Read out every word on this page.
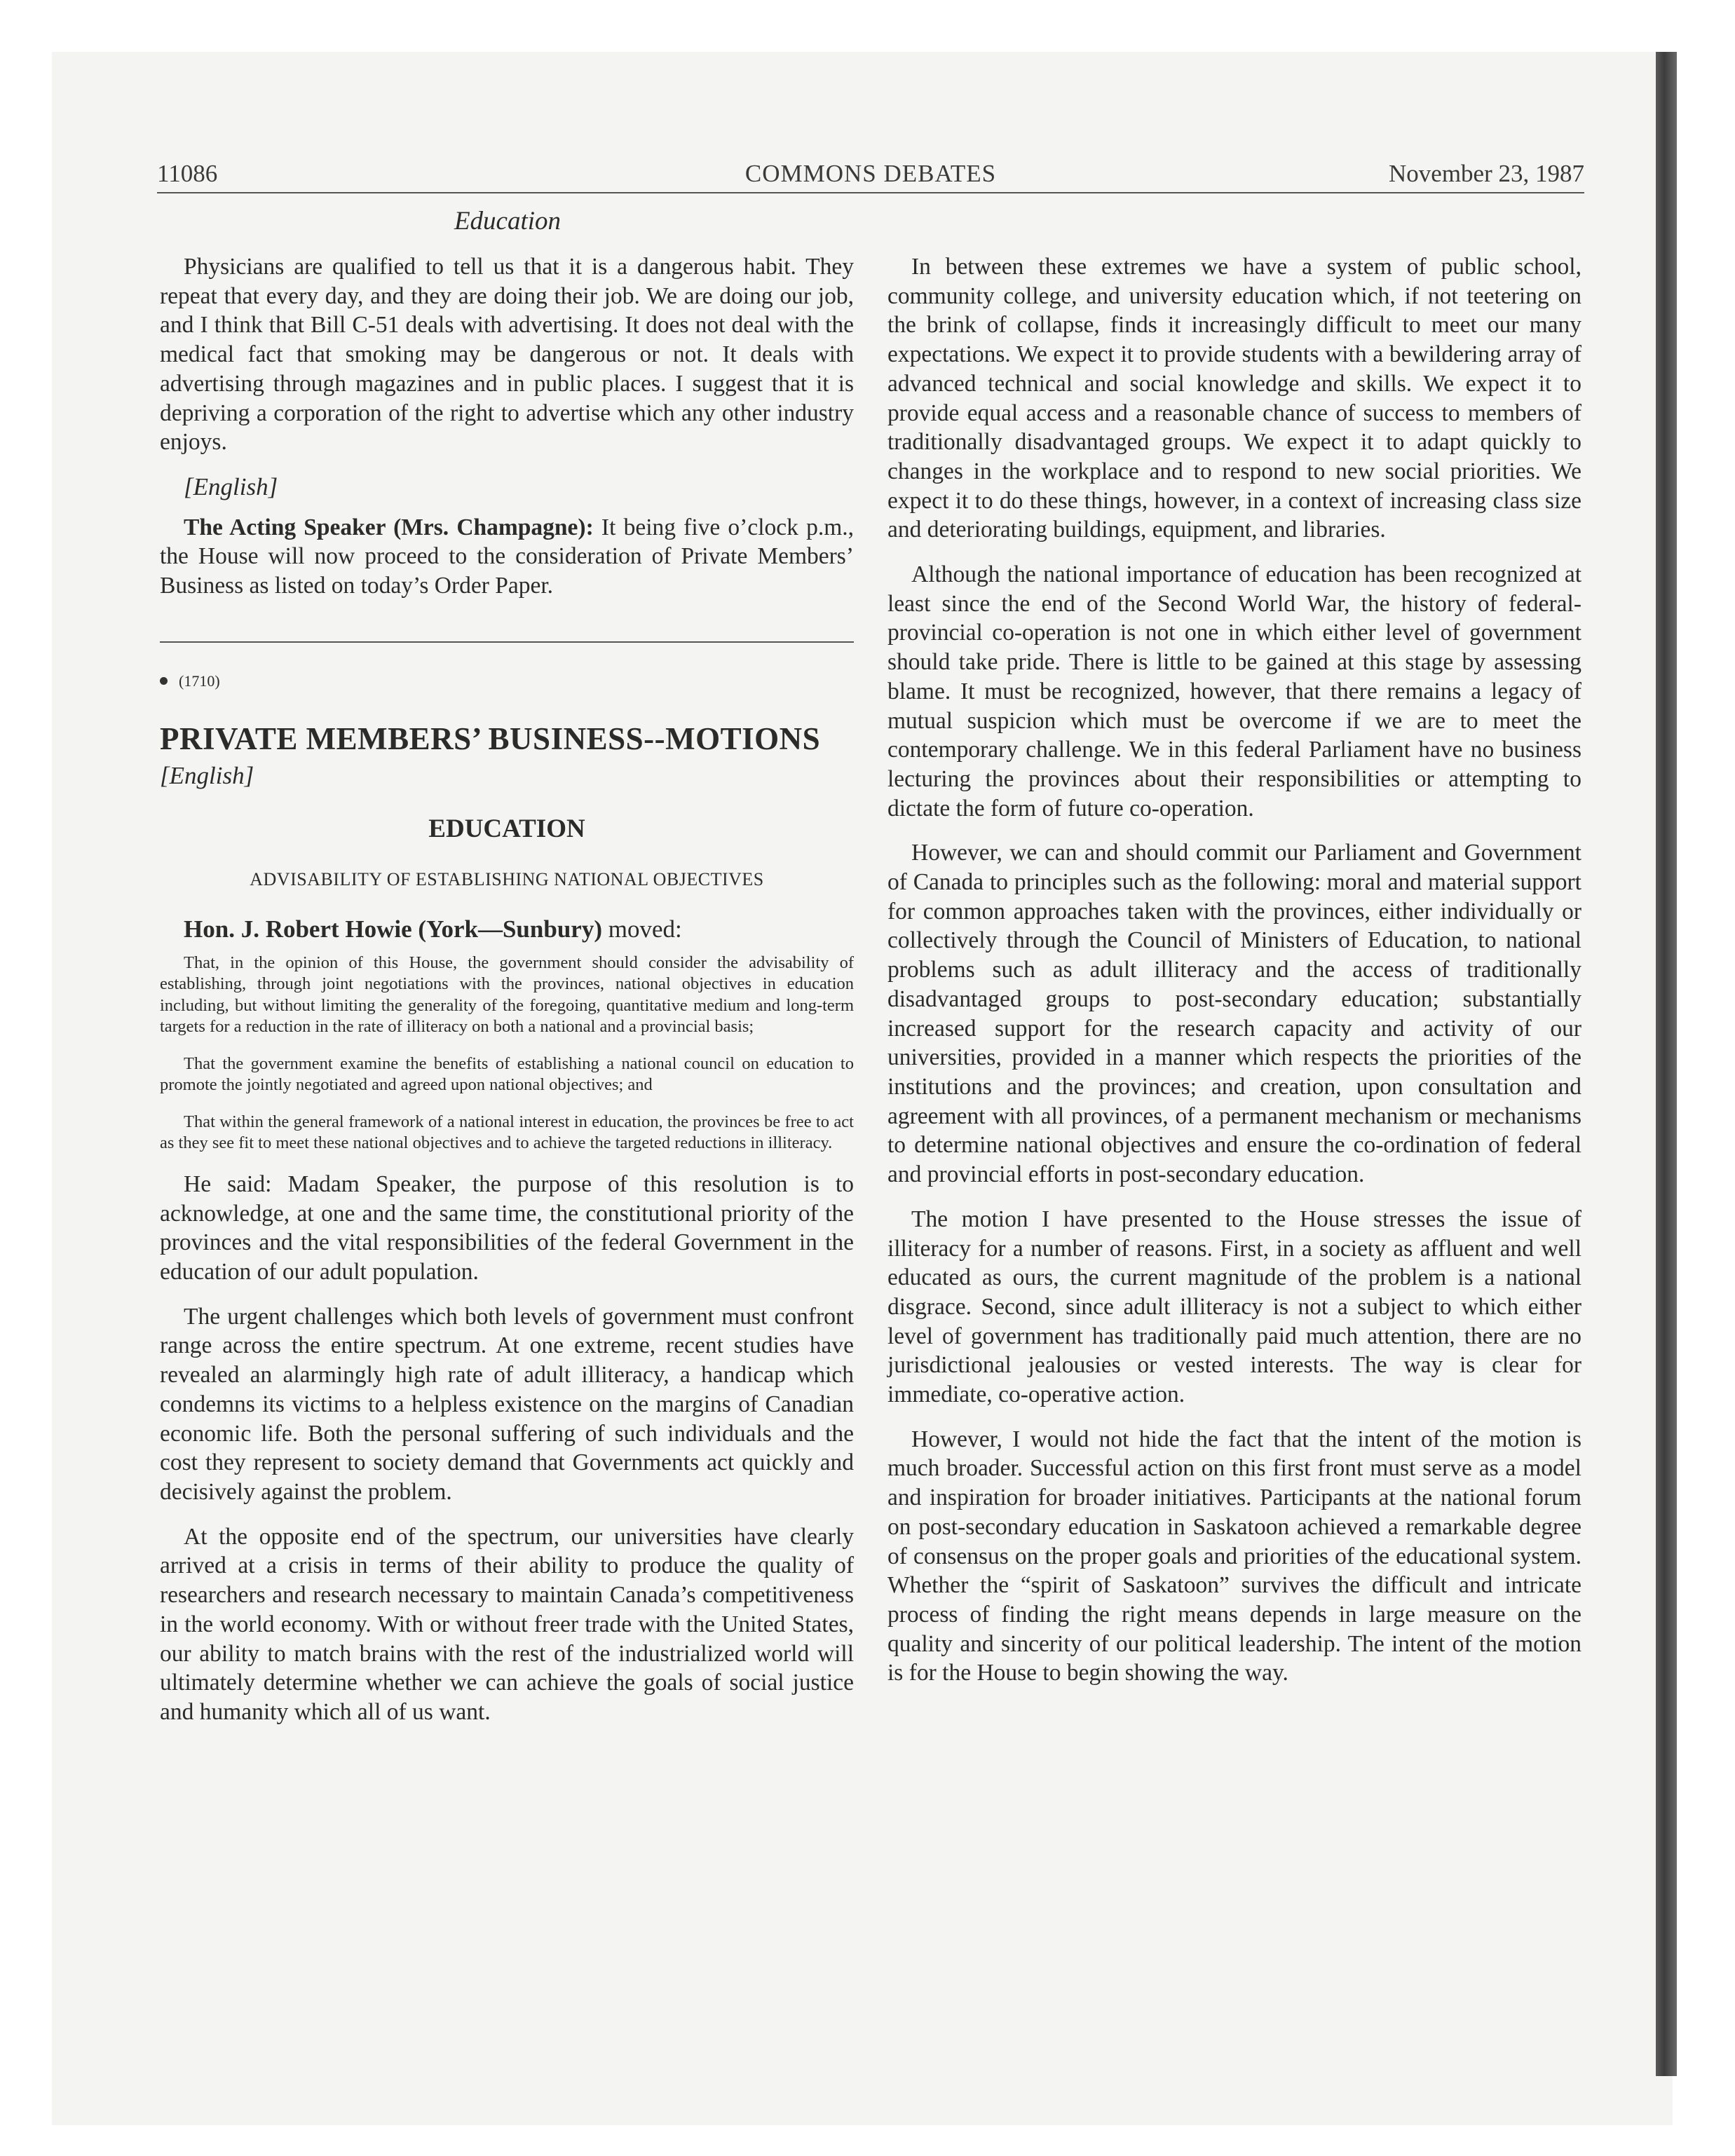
11086	COMMONS DEBATES	November 23, 1987
Education

Physicians are qualified to tell us that it is a dangerous habit. They repeat that every day, and they are doing their job. We are doing our job, and I think that Bill C-51 deals with advertising. It does not deal with the medical fact that smoking may be dangerous or not. It deals with advertising through magazines and in public places. I suggest that it is depriving a corporation of the right to advertise which any other industry enjoys.

[English]

The Acting Speaker (Mrs. Champagne): It being five o’clock p.m., the House will now proceed to the consideration of Private Members’ Business as listed on today’s Order Paper.

(1710)
PRIVATE MEMBERS’ BUSINESS--MOTIONS
[English]
EDUCATION
ADVISABILITY OF ESTABLISHING NATIONAL OBJECTIVES
Hon. J. Robert Howie (York—Sunbury) moved:

That, in the opinion of this House, the government should consider the advisability of establishing, through joint negotiations with the provinces, national objectives in education including, but without limiting the generality of the foregoing, quantitative medium and long-term targets for a reduction in the rate of illiteracy on both a national and a provincial basis;

That the government examine the benefits of establishing a national council on education to promote the jointly negotiated and agreed upon national objectives; and

That within the general framework of a national interest in education, the provinces be free to act as they see fit to meet these national objectives and to achieve the targeted reductions in illiteracy.

He said: Madam Speaker, the purpose of this resolution is to acknowledge, at one and the same time, the constitutional priority of the provinces and the vital responsibilities of the federal Government in the education of our adult population.

The urgent challenges which both levels of government must confront range across the entire spectrum. At one extreme, recent studies have revealed an alarmingly high rate of adult illiteracy, a handicap which condemns its victims to a helpless existence on the margins of Canadian economic life. Both the personal suffering of such individuals and the cost they represent to society demand that Governments act quickly and decisively against the problem.

At the opposite end of the spectrum, our universities have clearly arrived at a crisis in terms of their ability to produce the quality of researchers and research necessary to maintain Canada’s competitiveness in the world economy. With or without freer trade with the United States, our ability to match brains with the rest of the industrialized world will ultimately determine whether we can achieve the goals of social justice and humanity which all of us want.

In between these extremes we have a system of public school, community college, and university education which, if not teetering on the brink of collapse, finds it increasingly difficult to meet our many expectations. We expect it to provide students with a bewildering array of advanced technical and social knowledge and skills. We expect it to provide equal access and a reasonable chance of success to members of traditionally disadvantaged groups. We expect it to adapt quickly to changes in the workplace and to respond to new social priorities. We expect it to do these things, however, in a context of increasing class size and deteriorating buildings, equipment, and libraries.

Although the national importance of education has been recognized at least since the end of the Second World War, the history of federal-provincial co-operation is not one in which either level of government should take pride. There is little to be gained at this stage by assessing blame. It must be recognized, however, that there remains a legacy of mutual suspicion which must be overcome if we are to meet the contemporary challenge. We in this federal Parliament have no business lecturing the provinces about their responsibilities or attempting to dictate the form of future co-operation.

However, we can and should commit our Parliament and Government of Canada to principles such as the following: moral and material support for common approaches taken with the provinces, either individually or collectively through the Council of Ministers of Education, to national problems such as adult illiteracy and the access of traditionally disadvantaged groups to post-secondary education; substantially increased support for the research capacity and activity of our universities, provided in a manner which respects the priorities of the institutions and the provinces; and creation, upon consultation and agreement with all provinces, of a permanent mechanism or mechanisms to determine national objectives and ensure the co-ordination of federal and provincial efforts in post-secondary education.

The motion I have presented to the House stresses the issue of illiteracy for a number of reasons. First, in a society as affluent and well educated as ours, the current magnitude of the problem is a national disgrace. Second, since adult illiteracy is not a subject to which either level of government has traditionally paid much attention, there are no jurisdictional jealousies or vested interests. The way is clear for immediate, co-operative action.

However, I would not hide the fact that the intent of the motion is much broader. Successful action on this first front must serve as a model and inspiration for broader initiatives. Participants at the national forum on post-secondary education in Saskatoon achieved a remarkable degree of consensus on the proper goals and priorities of the educational system. Whether the “spirit of Saskatoon” survives the difficult and intricate process of finding the right means depends in large measure on the quality and sincerity of our political leadership. The intent of the motion is for the House to begin showing the way.
